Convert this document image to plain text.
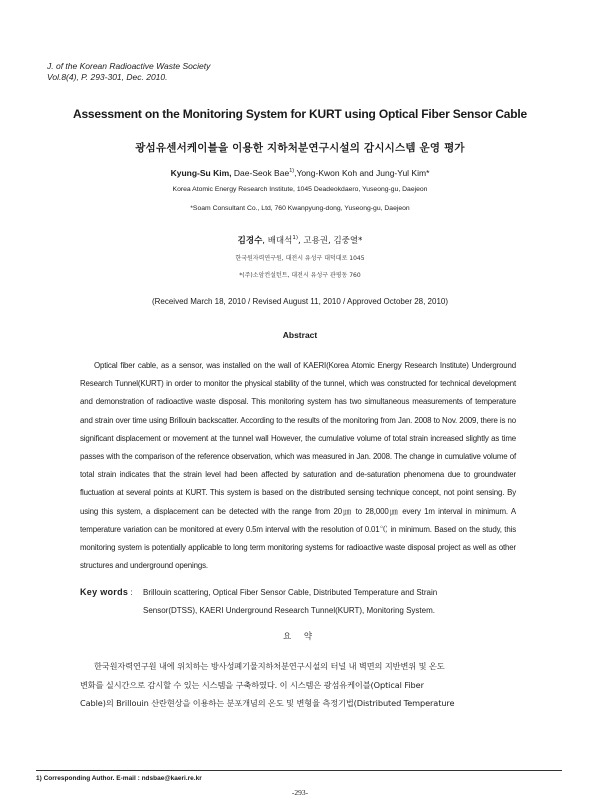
J. of the Korean Radioactive Waste Society
Vol.8(4), P. 293-301, Dec. 2010.
Assessment on the Monitoring System for KURT using Optical Fiber Sensor Cable
광섬유센서케이블을 이용한 지하처분연구시설의 감시시스템 운영 평가
Kyung-Su Kim, Dae-Seok Bae$^{1)}$,Yong-Kwon Koh and Jung-Yul Kim*
Korea Atomic Energy Research Institute, 1045 Deadeokdaero, Yuseong-gu, Daejeon
*Soam Consultant Co., Ltd, 760 Kwanpyung-dong, Yuseong-gu, Daejeon
김경수, 배대석$^{1)}$, 고용권, 김중열*
한국원자력연구원, 대전시 유성구 대덕대로 1045
*(주)소암컨설턴트, 대전시 유성구 관평동 760
(Received March 18, 2010 / Revised August 11, 2010 / Approved October 28, 2010)
Abstract
Optical fiber cable, as a sensor, was installed on the wall of KAERI(Korea Atomic Energy Research Institute) Underground Research Tunnel(KURT) in order to monitor the physical stability of the tunnel, which was constructed for technical development and demonstration of radioactive waste disposal. This monitoring system has two simultaneous measurements of temperature and strain over time using Brillouin backscatter. According to the results of the monitoring from Jan. 2008 to Nov. 2009, there is no significant displacement or movement at the tunnel wall However, the cumulative volume of total strain increased slightly as time passes with the comparison of the reference observation, which was measured in Jan. 2008. The change in cumulative volume of total strain indicates that the strain level had been affected by saturation and de-saturation phenomena due to groundwater fluctuation at several points at KURT. This system is based on the distributed sensing technique concept, not point sensing. By using this system, a displacement can be detected with the range from 20㎛ to 28,000㎛ every 1m interval in minimum. A temperature variation can be monitored at every 0.5m interval with the resolution of 0.01℃ in minimum. Based on the study, this monitoring system is potentially applicable to long term monitoring systems for radioactive waste disposal project as well as other structures and underground openings.
Key words : Brillouin scattering, Optical Fiber Sensor Cable, Distributed Temperature and Strain
Sensor(DTSS), KAERI Underground Research Tunnel(KURT), Monitoring System.
요 약
한국원자력연구원 내에 위치하는 방사성폐기물지하처분연구시설의 터널 내 벽면의 지반변위 및 온도
변화를 실시간으로 감시할 수 있는 시스템을 구축하였다. 이 시스템은 광섬유케이블(Optical Fiber
Cable)의 Brillouin 산란현상을 이용하는 분포개념의 온도 및 변형율 측정기법(Distributed Temperature
1) Corresponding Author. E-mail : ndsbae@kaeri.re.kr
-293-
